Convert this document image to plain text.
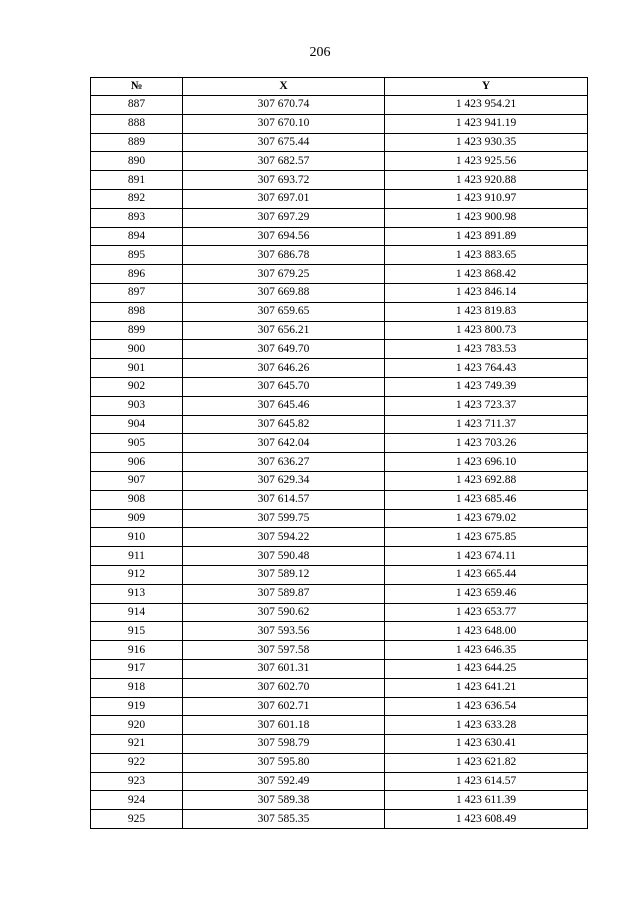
206
№	X	Y
887	307 670.74	1 423 954.21
888	307 670.10	1 423 941.19
889	307 675.44	1 423 930.35
890	307 682.57	1 423 925.56
891	307 693.72	1 423 920.88
892	307 697.01	1 423 910.97
893	307 697.29	1 423 900.98
894	307 694.56	1 423 891.89
895	307 686.78	1 423 883.65
896	307 679.25	1 423 868.42
897	307 669.88	1 423 846.14
898	307 659.65	1 423 819.83
899	307 656.21	1 423 800.73
900	307 649.70	1 423 783.53
901	307 646.26	1 423 764.43
902	307 645.70	1 423 749.39
903	307 645.46	1 423 723.37
904	307 645.82	1 423 711.37
905	307 642.04	1 423 703.26
906	307 636.27	1 423 696.10
907	307 629.34	1 423 692.88
908	307 614.57	1 423 685.46
909	307 599.75	1 423 679.02
910	307 594.22	1 423 675.85
911	307 590.48	1 423 674.11
912	307 589.12	1 423 665.44
913	307 589.87	1 423 659.46
914	307 590.62	1 423 653.77
915	307 593.56	1 423 648.00
916	307 597.58	1 423 646.35
917	307 601.31	1 423 644.25
918	307 602.70	1 423 641.21
919	307 602.71	1 423 636.54
920	307 601.18	1 423 633.28
921	307 598.79	1 423 630.41
922	307 595.80	1 423 621.82
923	307 592.49	1 423 614.57
924	307 589.38	1 423 611.39
925	307 585.35	1 423 608.49
